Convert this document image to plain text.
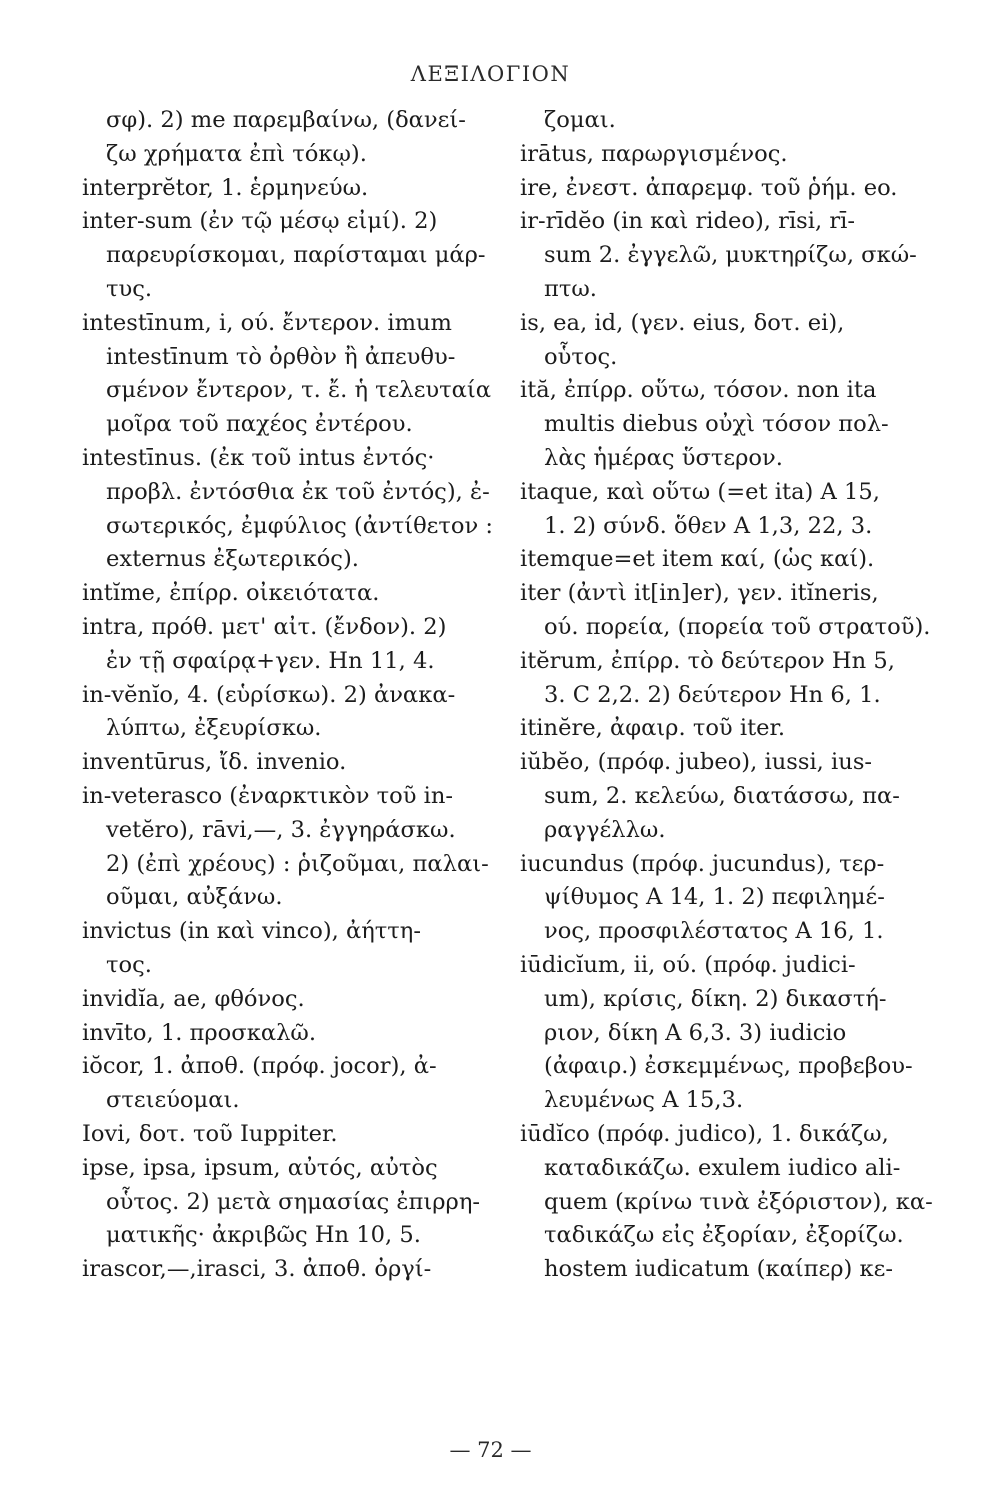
ΛΕΞΙΛΟΓΙΟΝ
σφ). 2) me παρεμβαίνω, (δανεί-
ζω χρήματα ἐπὶ τόκῳ).
interprĕtor, 1. ἑρμηνεύω.
inter-sum (ἐν τῷ μέσῳ εἰμί). 2)
παρευρίσκομαι, παρίσταμαι μάρ-
τυς.
intestīnum, i, ού. ἔντερον. imum
intestīnum τὸ ὀρθὸν ἢ ἀπευθυ-
σμένον ἔντερον, τ. ἔ. ἡ τελευταία
μοῖρα τοῦ παχέος ἐντέρου.
intestīnus. (ἐκ τοῦ intus ἐντός·
προβλ. ἐντόσθια ἐκ τοῦ ἐντός), ἐ-
σωτερικός, ἐμφύλιος (ἀντίθετον :
externus ἐξωτερικός).
intĭme, ἐπίρρ. οἰκειότατα.
intra, πρόθ. μετ' αἰτ. (ἔνδον). 2)
ἐν τῇ σφαίρᾳ+γεν. Hn 11, 4.
in-vĕnĭo, 4. (εὑρίσκω). 2) ἀνακα-
λύπτω, ἐξευρίσκω.
inventūrus, ἴδ. invenio.
in-veterasco (ἐναρκτικὸν τοῦ in-
vetĕro), rāvi,—, 3. ἐγγηράσκω.
2) (ἐπὶ χρέους) : ῥιζοῦμαι, παλαι-
οῦμαι, αὐξάνω.
invictus (in καὶ vinco), ἀήττη-
τος.
invidĭa, ae, φθόνος.
invīto, 1. προσκαλῶ.
iŏcor, 1. ἀποθ. (πρόφ. jocor), ἀ-
στειεύομαι.
Iovi, δοτ. τοῦ Iuppiter.
ipse, ipsa, ipsum, αὐτός, αὐτὸς
οὗτος. 2) μετὰ σημασίας ἐπιρρη-
ματικῆς· ἀκριβῶς Hn 10, 5.
irascor,—,irasci, 3. ἀποθ. ὀργί-
ζομαι.
irātus, παρωργισμένος.
ire, ἐνεστ. ἀπαρεμφ. τοῦ ῥήμ. eo.
ir-rīdĕo (in καὶ rideo), rīsi, rī-
sum 2. ἐγγελῶ, μυκτηρίζω, σκώ-
πτω.
is, ea, id, (γεν. eius, δοτ. ei),
οὗτος.
ită, ἐπίρρ. οὕτω, τόσον. non ita
multis diebus οὐχὶ τόσον πολ-
λὰς ἡμέρας ὕστερον.
itaque, καὶ οὕτω (=et ita) A 15,
1. 2) σύνδ. ὅθεν A 1,3, 22, 3.
itemque=et item καί, (ὡς καί).
iter (ἀντὶ it[in]er), γεν. itĭneris,
ού. πορεία, (πορεία τοῦ στρατοῦ).
itĕrum, ἐπίρρ. τὸ δεύτερον Hn 5,
3. C 2,2. 2) δεύτερον Hn 6, 1.
itinĕre, ἀφαιρ. τοῦ iter.
iŭbĕo, (πρόφ. jubeo), iussi, ius-
sum, 2. κελεύω, διατάσσω, πα-
ραγγέλλω.
iucundus (πρόφ. jucundus), τερ-
ψίθυμος A 14, 1. 2) πεφιλημέ-
νος, προσφιλέστατος A 16, 1.
iūdicĭum, ii, ού. (πρόφ. judici-
um), κρίσις, δίκη. 2) δικαστή-
ριον, δίκη A 6,3. 3) iudicio
(ἀφαιρ.) ἐσκεμμένως, προβεβου-
λευμένως A 15,3.
iūdĭco (πρόφ. judico), 1. δικάζω,
καταδικάζω. exulem iudico ali-
quem (κρίνω τινὰ ἐξόριστον), κα-
ταδικάζω εἰς ἐξορίαν, ἐξορίζω.
hostem iudicatum (καίπερ) κε-
— 72 —
